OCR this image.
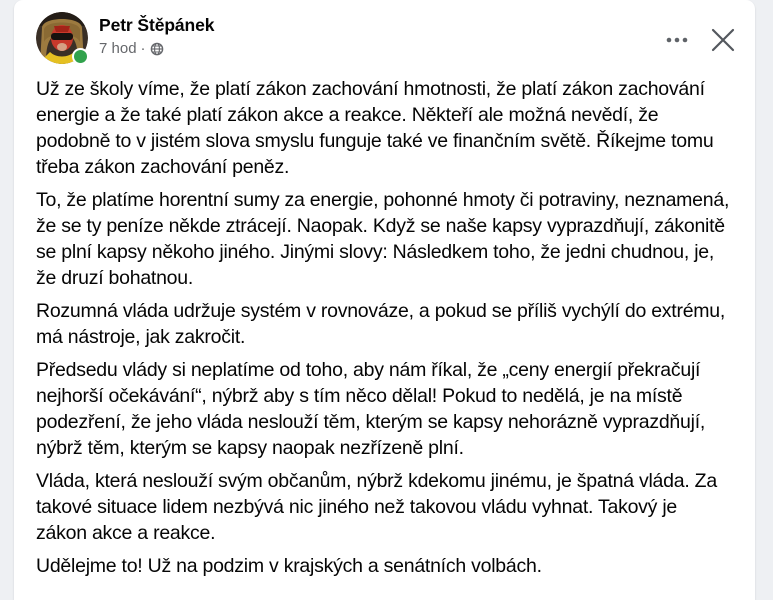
Petr Štěpánek
7 hod ·

Už ze školy víme, že platí zákon zachování hmotnosti, že platí zákon zachování energie a že také platí zákon akce a reakce. Někteří ale možná nevědí, že podobně to v jistém slova smyslu funguje také ve finančním světě. Říkejme tomu třeba zákon zachování peněz.

To, že platíme horentní sumy za energie, pohonné hmoty či potraviny, neznamená, že se ty peníze někde ztrácejí. Naopak. Když se naše kapsy vyprazdňují, zákonitě se plní kapsy někoho jiného. Jinými slovy: Následkem toho, že jedni chudnou, je, že druzí bohatnou.

Rozumná vláda udržuje systém v rovnováze, a pokud se příliš vychýlí do extrému, má nástroje, jak zakročit.

Předsedu vlády si neplatíme od toho, aby nám říkal, že „ceny energií překračují nejhorší očekávání“, nýbrž aby s tím něco dělal! Pokud to nedělá, je na místě podezření, že jeho vláda neslouží těm, kterým se kapsy nehorázně vyprazdňují, nýbrž těm, kterým se kapsy naopak nezřízeně plní.

Vláda, která neslouží svým občanům, nýbrž kdekomu jinému, je špatná vláda. Za takové situace lidem nezbývá nic jiného než takovou vládu vyhnat. Takový je zákon akce a reakce.

Udělejme to! Už na podzim v krajských a senátních volbách.
